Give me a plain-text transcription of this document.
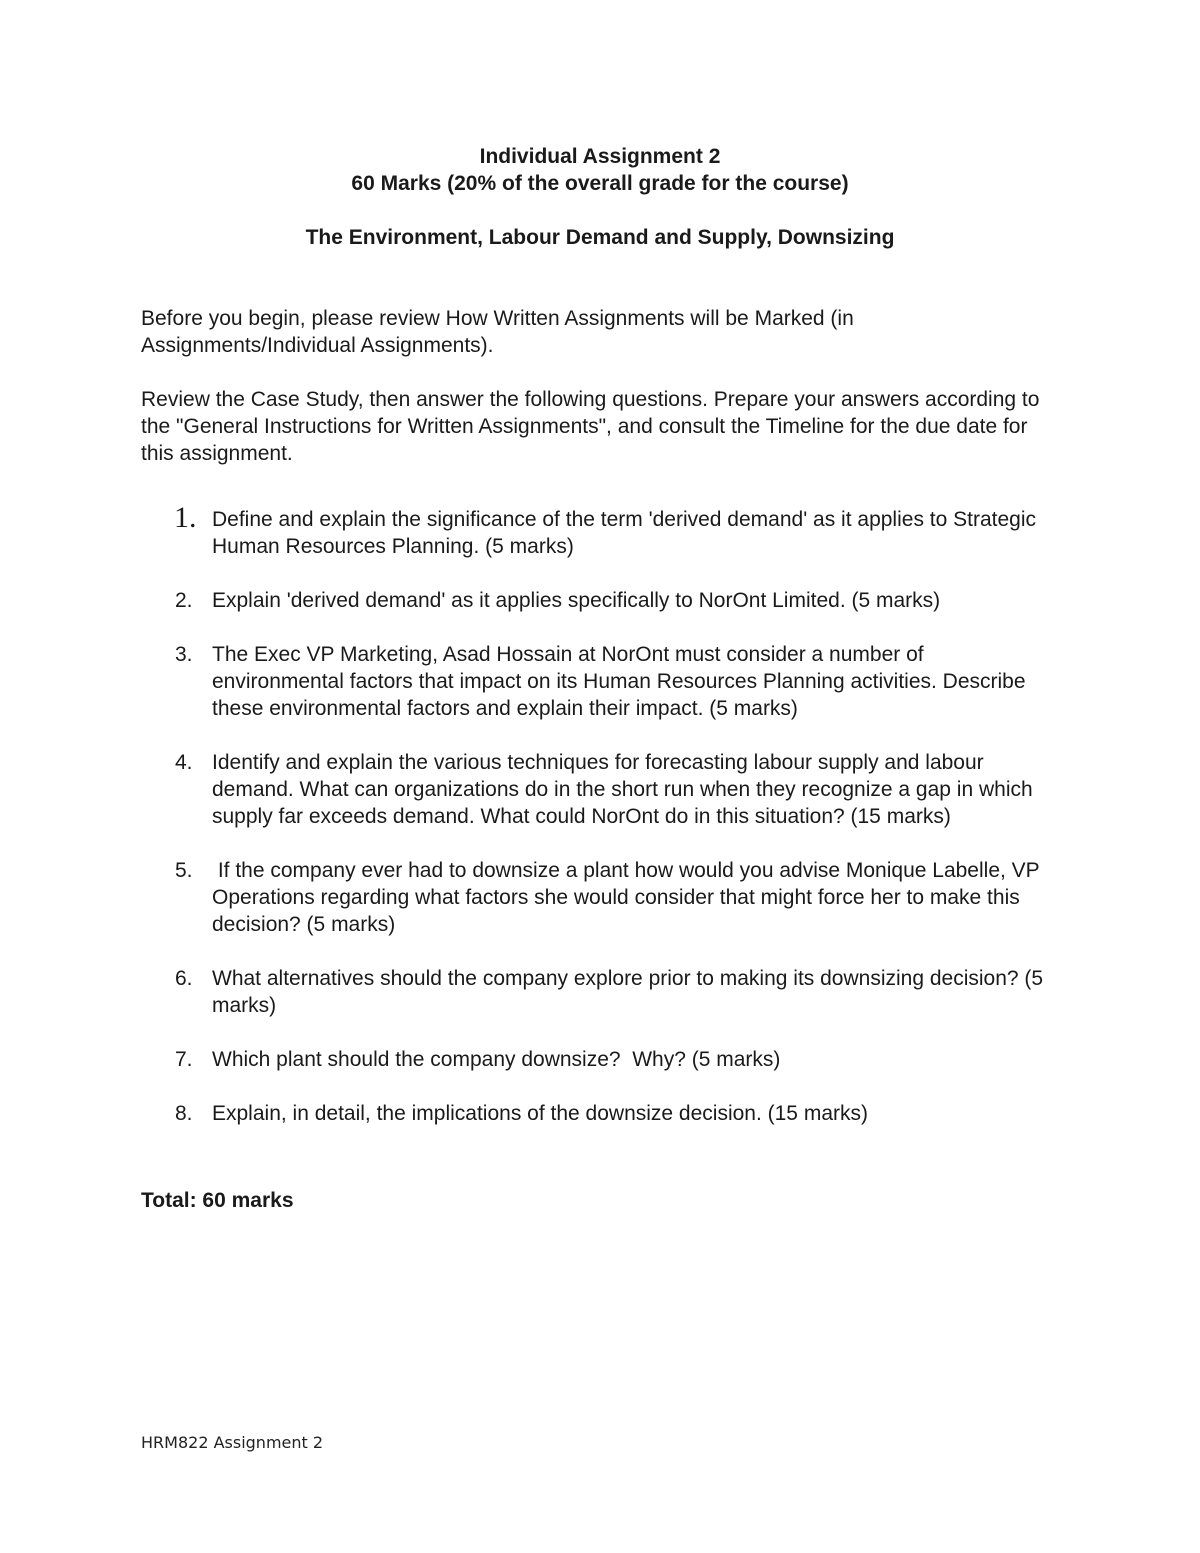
Individual Assignment 2
60 Marks (20% of the overall grade for the course)
The Environment, Labour Demand and Supply, Downsizing
Before you begin, please review How Written Assignments will be Marked (in Assignments/Individual Assignments).
Review the Case Study, then answer the following questions. Prepare your answers according to the "General Instructions for Written Assignments", and consult the Timeline for the due date for this assignment.
1. Define and explain the significance of the term 'derived demand' as it applies to Strategic Human Resources Planning. (5 marks)
2. Explain 'derived demand' as it applies specifically to NorOnt Limited. (5 marks)
3. The Exec VP Marketing, Asad Hossain at NorOnt must consider a number of environmental factors that impact on its Human Resources Planning activities. Describe these environmental factors and explain their impact. (5 marks)
4. Identify and explain the various techniques for forecasting labour supply and labour demand. What can organizations do in the short run when they recognize a gap in which supply far exceeds demand. What could NorOnt do in this situation? (15 marks)
5. If the company ever had to downsize a plant how would you advise Monique Labelle, VP Operations regarding what factors she would consider that might force her to make this decision? (5 marks)
6. What alternatives should the company explore prior to making its downsizing decision? (5 marks)
7. Which plant should the company downsize?  Why? (5 marks)
8. Explain, in detail, the implications of the downsize decision. (15 marks)
Total: 60 marks
HRM822 Assignment 2
